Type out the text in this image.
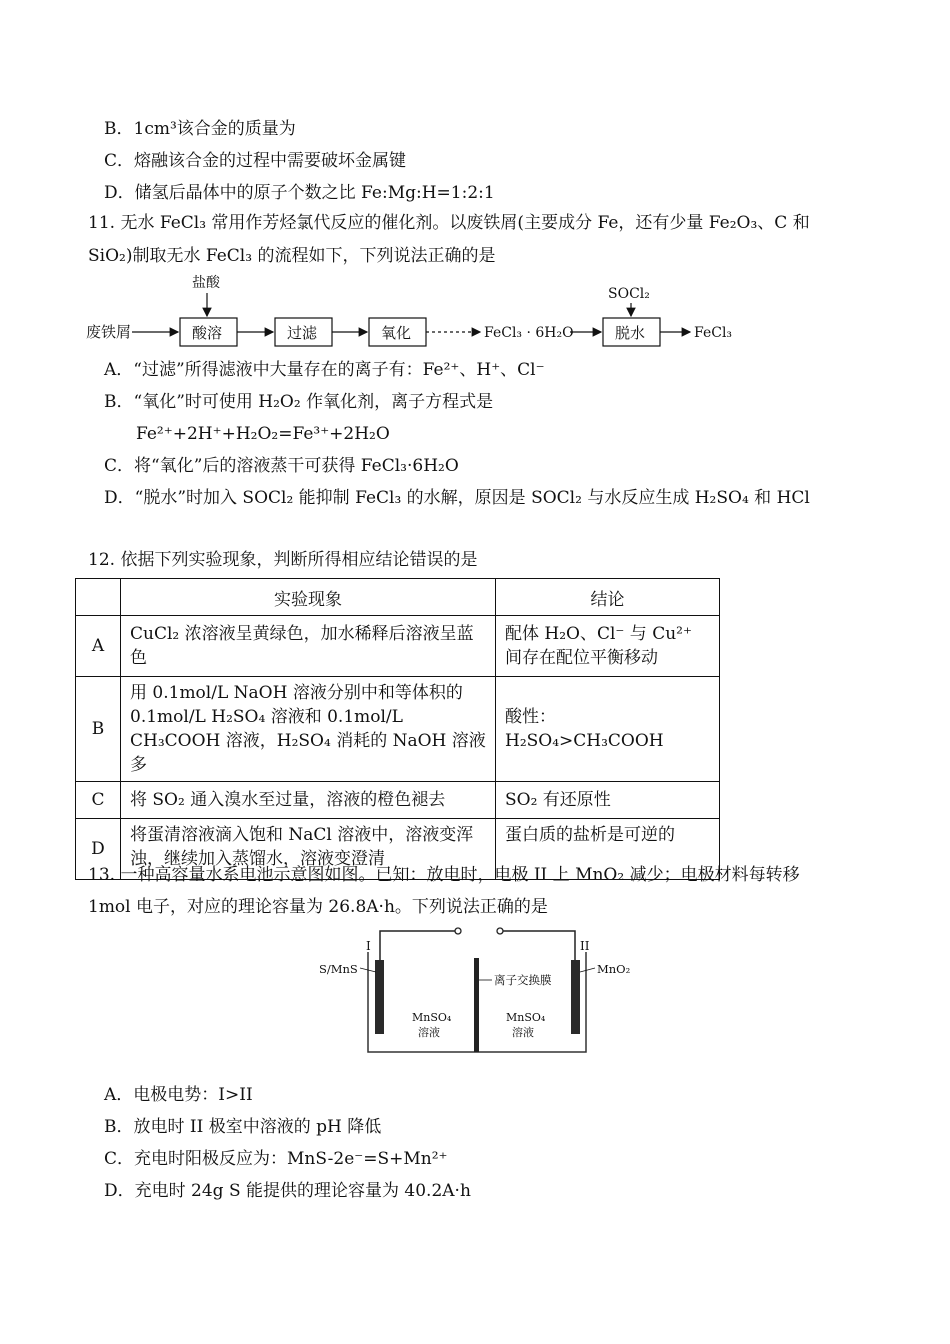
B．1cm³该合金的质量为
C．熔融该合金的过程中需要破坏金属键
D．储氢后晶体中的原子个数之比 Fe:Mg:H=1:2:1
11. 无水 FeCl₃ 常用作芳烃氯代反应的催化剂。以废铁屑(主要成分 Fe，还有少量 Fe₂O₃、C 和
SiO₂)制取无水 FeCl₃ 的流程如下，下列说法正确的是
废铁屑
盐酸
酸溶	过滤	氧化	FeCl₃ · 6H₂O
SOCl₂
脱水	FeCl₃
A．“过滤”所得滤液中大量存在的离子有：Fe²⁺、H⁺、Cl⁻
B．“氧化”时可使用 H₂O₂ 作氧化剂，离子方程式是
Fe²⁺+2H⁺+H₂O₂=Fe³⁺+2H₂O
C．将“氧化”后的溶液蒸干可获得 FeCl₃·6H₂O
D．“脱水”时加入 SOCl₂ 能抑制 FeCl₃ 的水解，原因是 SOCl₂ 与水反应生成 H₂SO₄ 和 HCl
12. 依据下列实验现象，判断所得相应结论错误的是
	实验现象	结论
A	CuCl₂ 浓溶液呈黄绿色，加水稀释后溶液呈蓝色	配体 H₂O、Cl⁻ 与 Cu²⁺ 间存在配位平衡移动
B	用 0.1mol/L NaOH 溶液分别中和等体积的 0.1mol/L H₂SO₄ 溶液和 0.1mol/L CH₃COOH 溶液，H₂SO₄ 消耗的 NaOH 溶液多	酸性：H₂SO₄>CH₃COOH
C	将 SO₂ 通入溴水至过量，溶液的橙色褪去	SO₂ 有还原性
D	将蛋清溶液滴入饱和 NaCl 溶液中，溶液变浑浊，继续加入蒸馏水，溶液变澄清	蛋白质的盐析是可逆的
13. 一种高容量水系电池示意图如图。已知：放电时，电极 II 上 MnO₂ 减少；电极材料每转移
1mol 电子，对应的理论容量为 26.8A·h。下列说法正确的是
I	II
S/MnS	MnO₂
离子交换膜
MnSO₄
溶液
MnSO₄
溶液
A．电极电势：I>II
B．放电时 II 极室中溶液的 pH 降低
C．充电时阳极反应为：MnS-2e⁻=S+Mn²⁺
D．充电时 24g S 能提供的理论容量为 40.2A·h
